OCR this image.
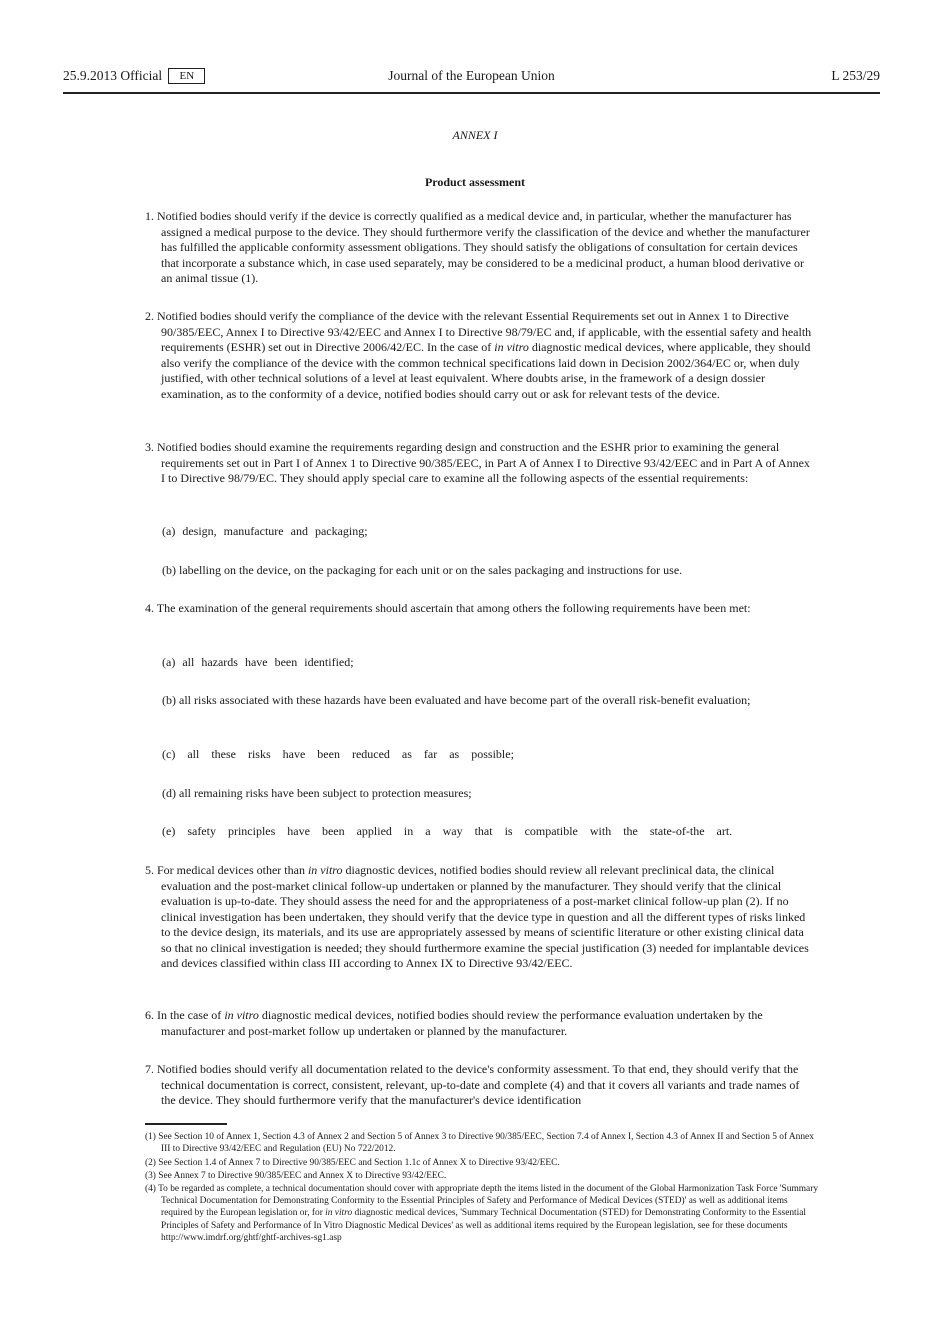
25.9.2013 Official EN	Journal of the European Union	L 253/29
ANNEX I
Product assessment
1. Notified bodies should verify if the device is correctly qualified as a medical device and, in particular, whether the manufacturer has assigned a medical purpose to the device. They should furthermore verify the classification of the device and whether the manufacturer has fulfilled the applicable conformity assessment obligations. They should satisfy the obligations of consultation for certain devices that incorporate a substance which, in case used separately, may be considered to be a medicinal product, a human blood derivative or an animal tissue (1).
2. Notified bodies should verify the compliance of the device with the relevant Essential Requirements set out in Annex 1 to Directive 90/385/EEC, Annex I to Directive 93/42/EEC and Annex I to Directive 98/79/EC and, if applicable, with the essential safety and health requirements (ESHR) set out in Directive 2006/42/EC. In the case of in vitro diagnostic medical devices, where applicable, they should also verify the compliance of the device with the common technical specifications laid down in Decision 2002/364/EC or, when duly justified, with other technical solutions of a level at least equivalent. Where doubts arise, in the framework of a design dossier examination, as to the conformity of a device, notified bodies should carry out or ask for relevant tests of the device.
3. Notified bodies should examine the requirements regarding design and construction and the ESHR prior to examining the general requirements set out in Part I of Annex 1 to Directive 90/385/EEC, in Part A of Annex I to Directive 93/42/EEC and in Part A of Annex I to Directive 98/79/EC. They should apply special care to examine all the following aspects of the essential requirements:
(a) design, manufacture and packaging;
(b) labelling on the device, on the packaging for each unit or on the sales packaging and instructions for use.
4. The examination of the general requirements should ascertain that among others the following requirements have been met:
(a) all hazards have been identified;
(b) all risks associated with these hazards have been evaluated and have become part of the overall risk-benefit evaluation;
(c) all these risks have been reduced as far as possible;
(d) all remaining risks have been subject to protection measures;
(e) safety principles have been applied in a way that is compatible with the state-of-the art.
5. For medical devices other than in vitro diagnostic devices, notified bodies should review all relevant preclinical data, the clinical evaluation and the post-market clinical follow-up undertaken or planned by the manufacturer. They should verify that the clinical evaluation is up-to-date. They should assess the need for and the appropriateness of a post-market clinical follow-up plan (2). If no clinical investigation has been undertaken, they should verify that the device type in question and all the different types of risks linked to the device design, its materials, and its use are appropriately assessed by means of scientific literature or other existing clinical data so that no clinical investigation is needed; they should furthermore examine the special justification (3) needed for implantable devices and devices classified within class III according to Annex IX to Directive 93/42/EEC.
6. In the case of in vitro diagnostic medical devices, notified bodies should review the performance evaluation undertaken by the manufacturer and post-market follow up undertaken or planned by the manufacturer.
7. Notified bodies should verify all documentation related to the device's conformity assessment. To that end, they should verify that the technical documentation is correct, consistent, relevant, up-to-date and complete (4) and that it covers all variants and trade names of the device. They should furthermore verify that the manufacturer's device identification
(1) See Section 10 of Annex 1, Section 4.3 of Annex 2 and Section 5 of Annex 3 to Directive 90/385/EEC, Section 7.4 of Annex I, Section 4.3 of Annex II and Section 5 of Annex III to Directive 93/42/EEC and Regulation (EU) No 722/2012.
(2) See Section 1.4 of Annex 7 to Directive 90/385/EEC and Section 1.1c of Annex X to Directive 93/42/EEC.
(3) See Annex 7 to Directive 90/385/EEC and Annex X to Directive 93/42/EEC.
(4) To be regarded as complete, a technical documentation should cover with appropriate depth the items listed in the document of the Global Harmonization Task Force 'Summary Technical Documentation for Demonstrating Conformity to the Essential Principles of Safety and Performance of Medical Devices (STED)' as well as additional items required by the European legislation or, for in vitro diagnostic medical devices, 'Summary Technical Documentation (STED) for Demonstrating Conformity to the Essential Principles of Safety and Performance of In Vitro Diagnostic Medical Devices' as well as additional items required by the European legislation, see for these documents http://www.imdrf.org/ghtf/ghtf-archives-sg1.asp
